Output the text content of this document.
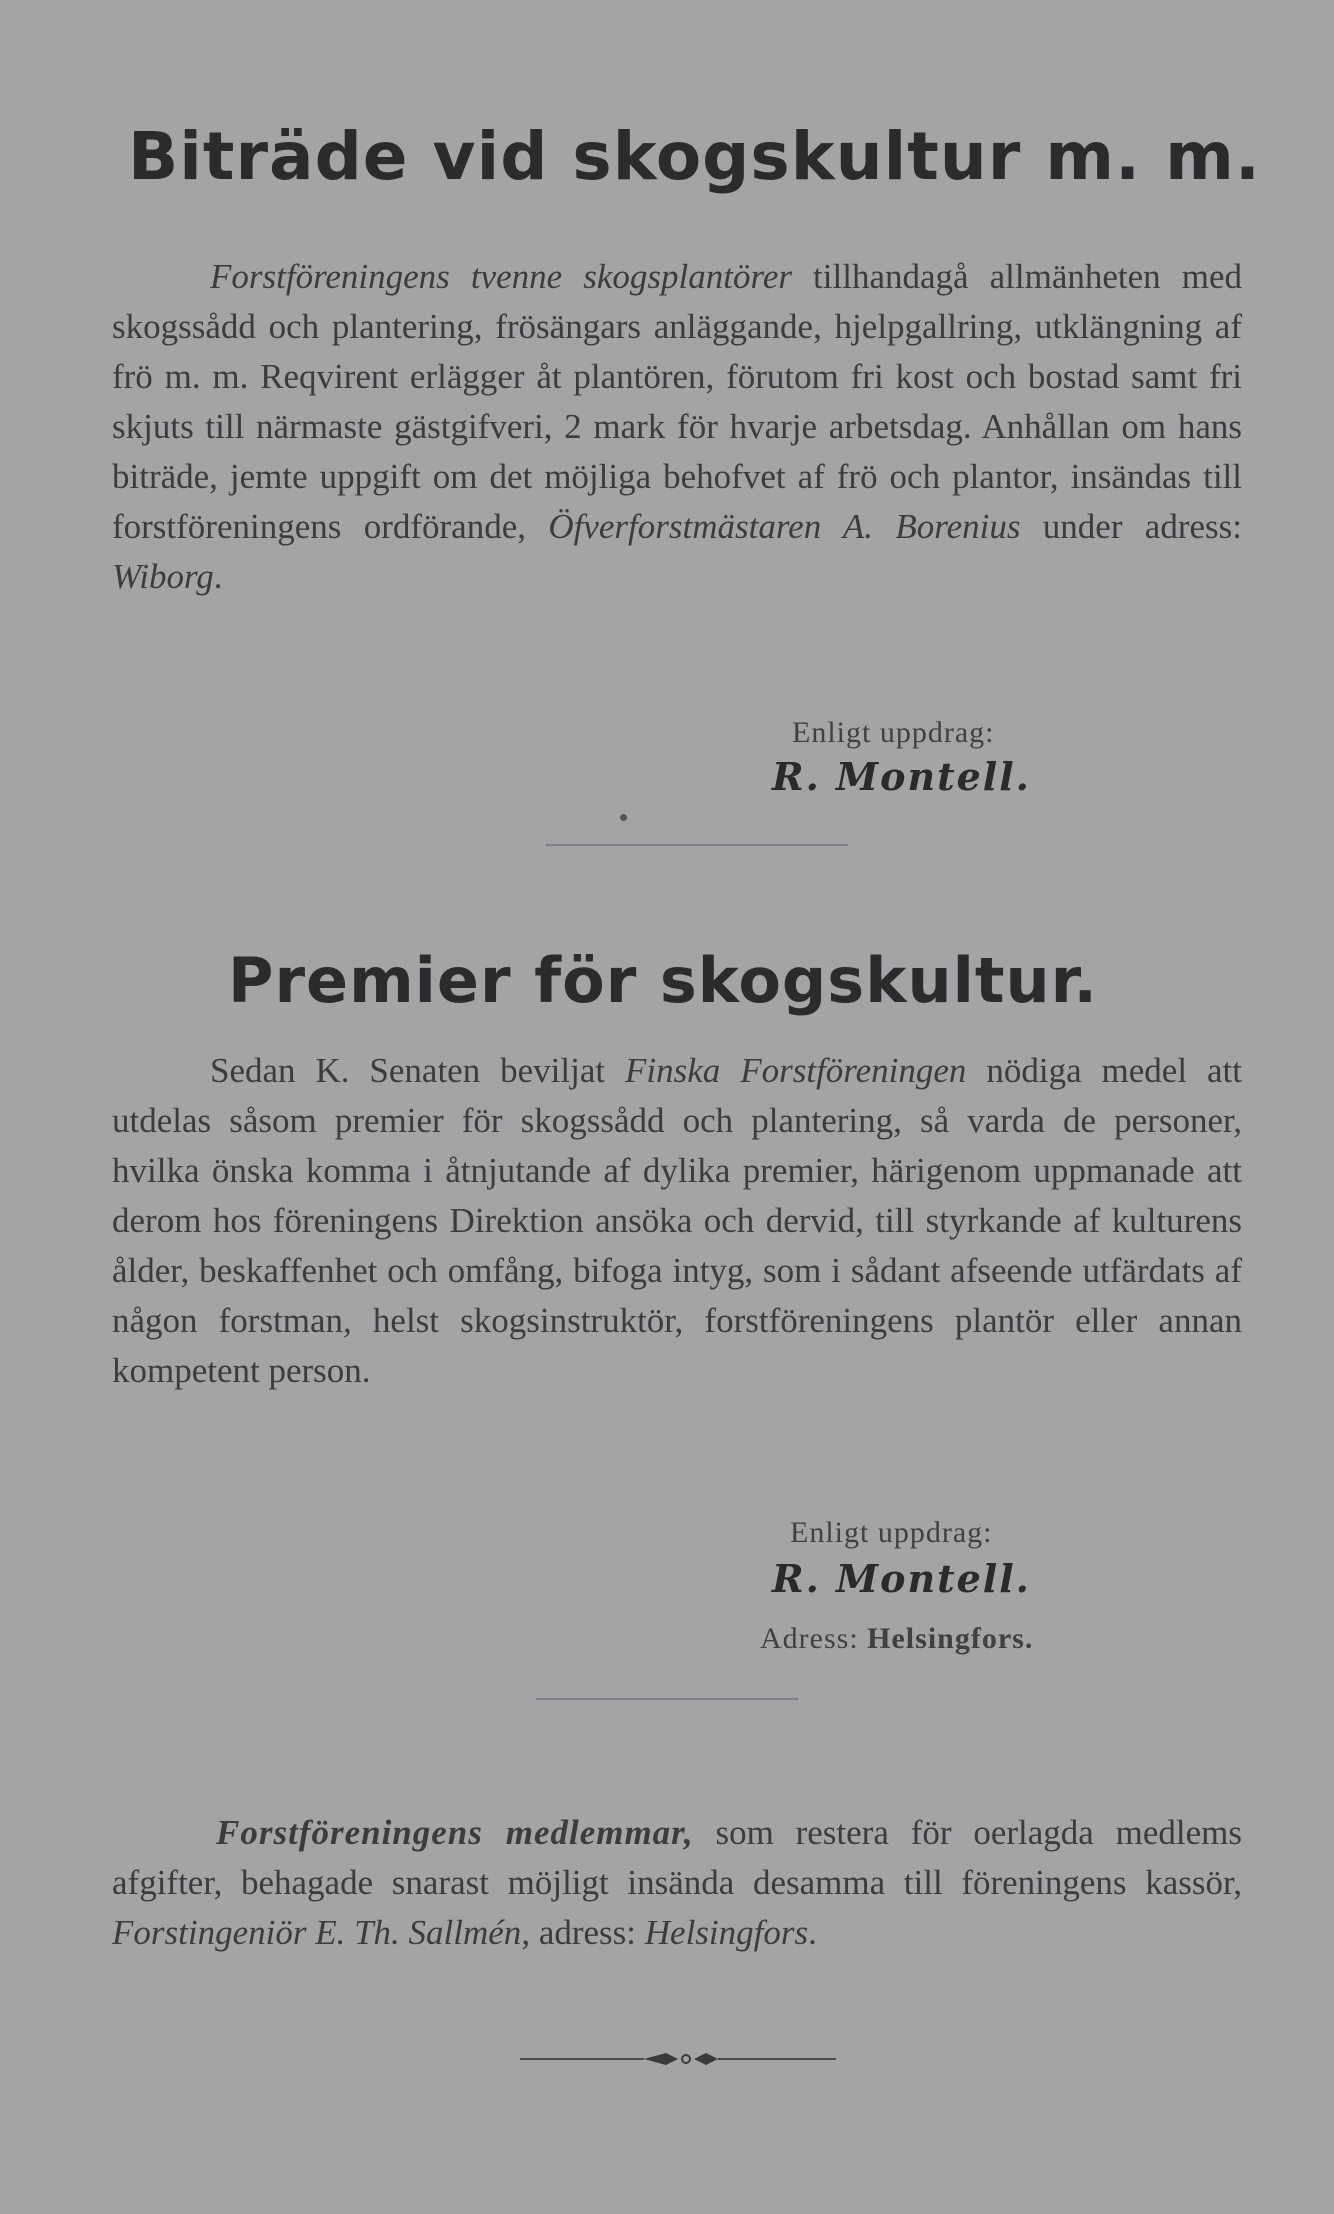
Biträde vid skogskultur m. m.
Forstföreningens tvenne skogsplantörer tillhandagå allmänheten med skogssådd och plantering, frösängars anläggande, hjelpgallring, utklängning af frö m. m. Reqvirent erlägger åt plantören, förutom fri kost och bostad samt fri skjuts till närmaste gästgifveri, 2 mark för hvarje arbetsdag. Anhållan om hans biträde, jemte uppgift om det möjliga behofvet af frö och plantor, insändas till forstföreningens ordförande, Öfverforstmästaren A. Borenius under adress: Wiborg.
Enligt uppdrag:
R. Montell.
Premier för skogskultur.
Sedan K. Senaten beviljat Finska Forstföreningen nödiga medel att utdelas såsom premier för skogssådd och plantering, så varda de personer, hvilka önska komma i åtnjutande af dylika premier, härigenom uppmanade att derom hos föreningens Direktion ansöka och dervid, till styrkande af kulturens ålder, beskaffenhet och omfång, bifoga intyg, som i sådant afseende utfärdats af någon forstman, helst skogsinstruktör, forstföreningens plantör eller annan kompetent person.
Enligt uppdrag:
R. Montell.
Adress: Helsingfors.
Forstföreningens medlemmar, som restera för oerlagda medlems afgifter, behagade snarast möjligt insända desamma till föreningens kassör, Forstingeniör E. Th. Sallmén, adress: Helsingfors.
